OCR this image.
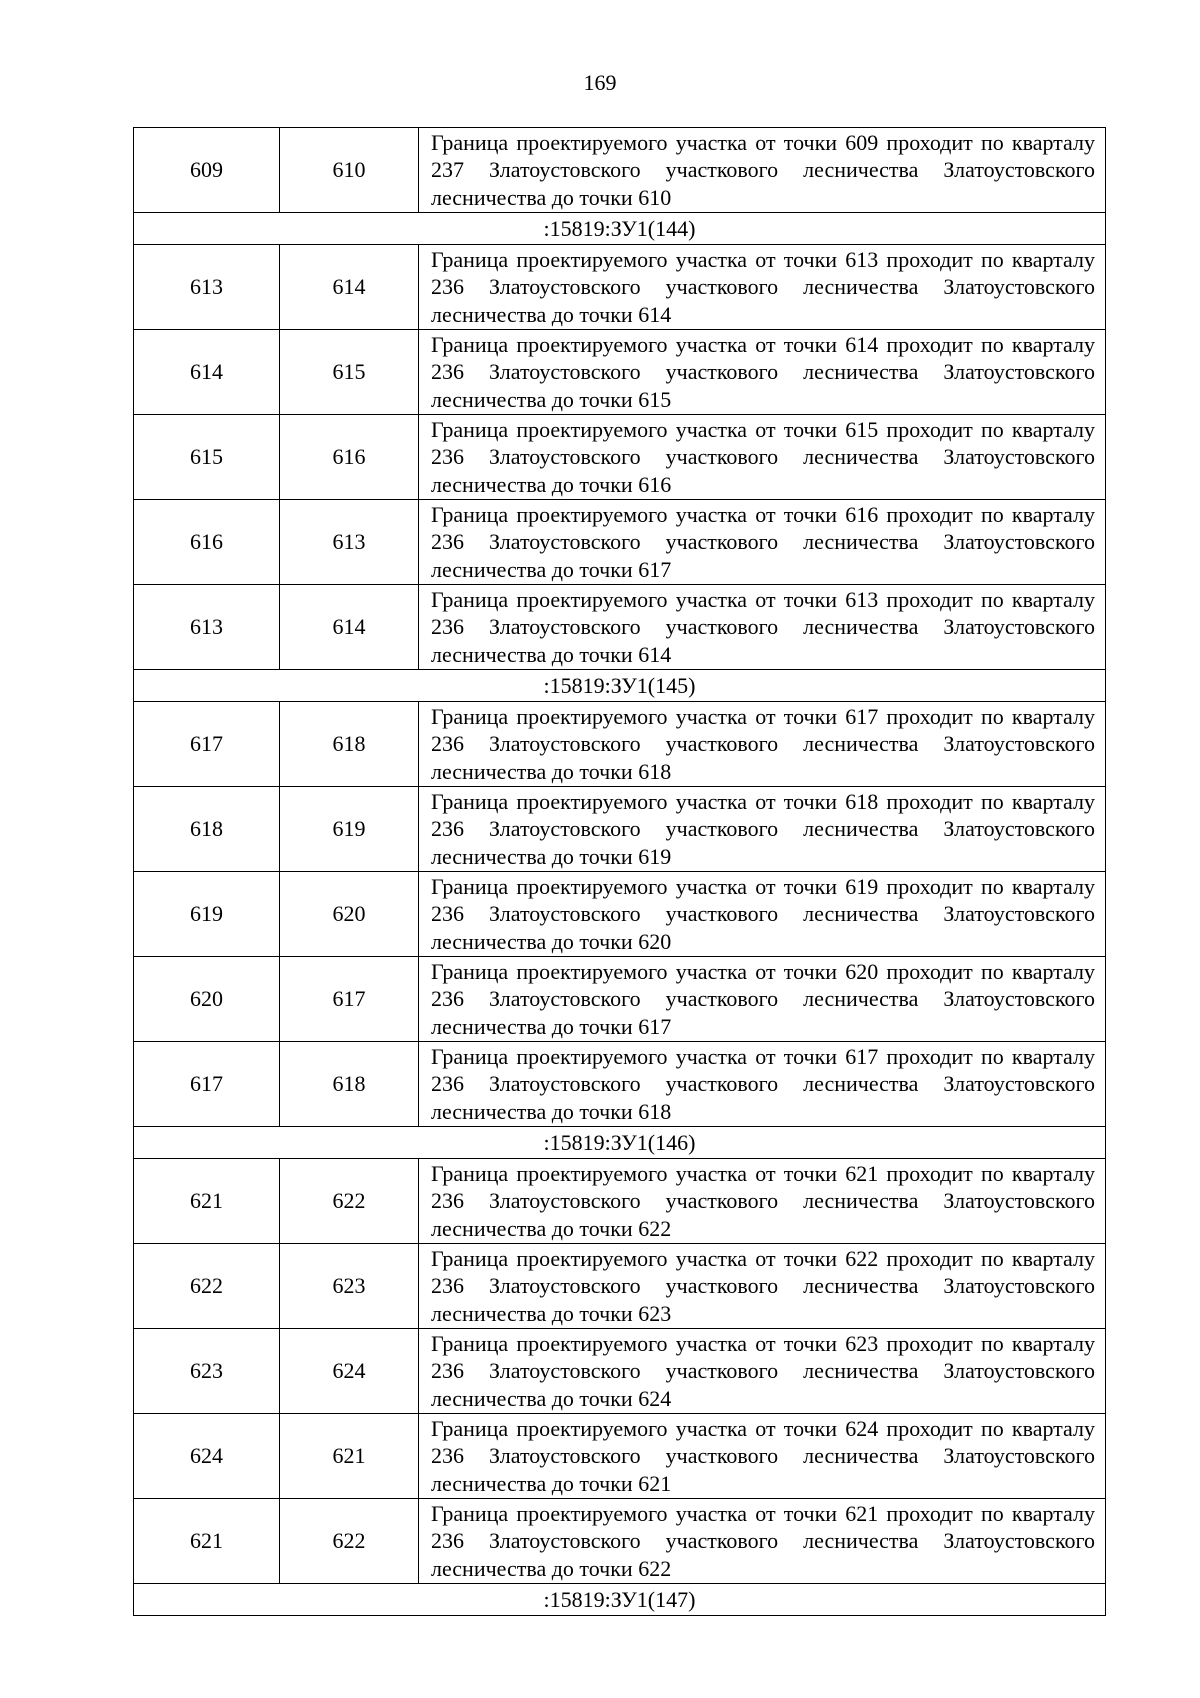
169
609	610	Граница проектируемого участка от точки 609 проходит по кварталу 237 Златоустовского участкового лесничества Златоустовского лесничества до точки 610
:15819:ЗУ1(144)		
613	614	Граница проектируемого участка от точки 613 проходит по кварталу 236 Златоустовского участкового лесничества Златоустовского лесничества до точки 614
614	615	Граница проектируемого участка от точки 614 проходит по кварталу 236 Златоустовского участкового лесничества Златоустовского лесничества до точки 615
615	616	Граница проектируемого участка от точки 615 проходит по кварталу 236 Златоустовского участкового лесничества Златоустовского лесничества до точки 616
616	613	Граница проектируемого участка от точки 616 проходит по кварталу 236 Златоустовского участкового лесничества Златоустовского лесничества до точки 617
613	614	Граница проектируемого участка от точки 613 проходит по кварталу 236 Златоустовского участкового лесничества Златоустовского лесничества до точки 614
:15819:ЗУ1(145)		
617	618	Граница проектируемого участка от точки 617 проходит по кварталу 236 Златоустовского участкового лесничества Златоустовского лесничества до точки 618
618	619	Граница проектируемого участка от точки 618 проходит по кварталу 236 Златоустовского участкового лесничества Златоустовского лесничества до точки 619
619	620	Граница проектируемого участка от точки 619 проходит по кварталу 236 Златоустовского участкового лесничества Златоустовского лесничества до точки 620
620	617	Граница проектируемого участка от точки 620 проходит по кварталу 236 Златоустовского участкового лесничества Златоустовского лесничества до точки 617
617	618	Граница проектируемого участка от точки 617 проходит по кварталу 236 Златоустовского участкового лесничества Златоустовского лесничества до точки 618
:15819:ЗУ1(146)		
621	622	Граница проектируемого участка от точки 621 проходит по кварталу 236 Златоустовского участкового лесничества Златоустовского лесничества до точки 622
622	623	Граница проектируемого участка от точки 622 проходит по кварталу 236 Златоустовского участкового лесничества Златоустовского лесничества до точки 623
623	624	Граница проектируемого участка от точки 623 проходит по кварталу 236 Златоустовского участкового лесничества Златоустовского лесничества до точки 624
624	621	Граница проектируемого участка от точки 624 проходит по кварталу 236 Златоустовского участкового лесничества Златоустовского лесничества до точки 621
621	622	Граница проектируемого участка от точки 621 проходит по кварталу 236 Златоустовского участкового лесничества Златоустовского лесничества до точки 622
:15819:ЗУ1(147)		
